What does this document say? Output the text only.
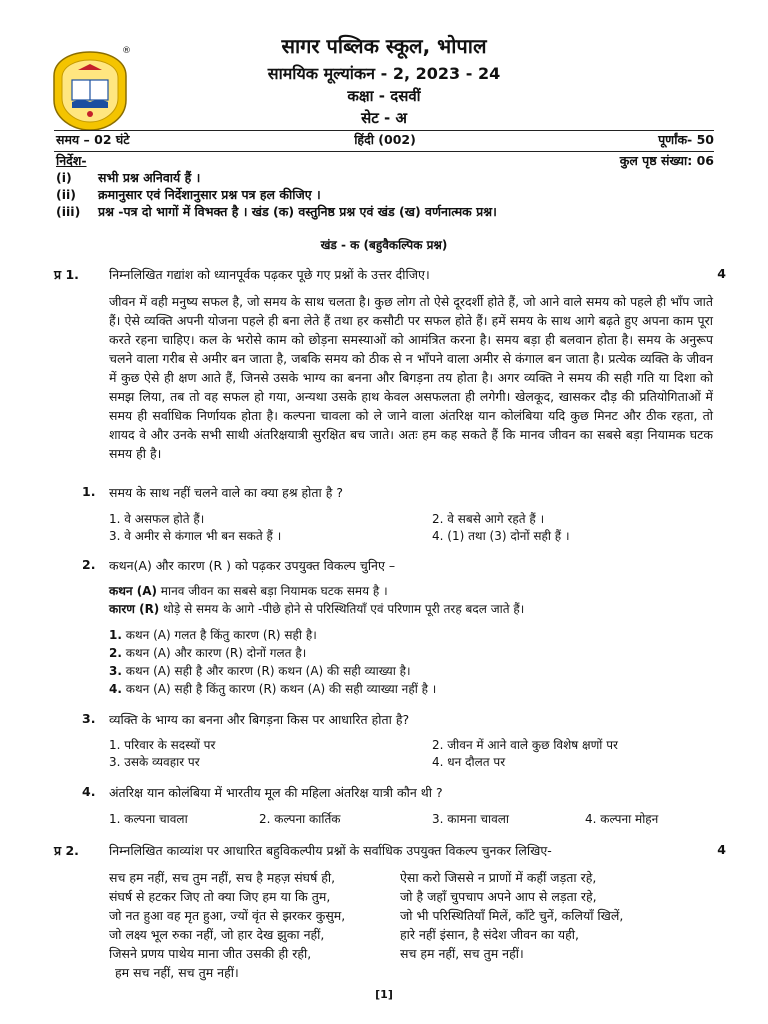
®	सागर पब्लिक स्कूल, भोपाल
सामयिक मूल्यांकन - 2, 2023 - 24
कक्षा - दसवीं
सेट - अ
समय – 02 घंटे	हिंदी (002)	पूर्णांक- 50
निर्देश-	कुल पृष्ठ संख्या: 06
(i) सभी प्रश्न अनिवार्य हैं ।
(ii) क्रमानुसार एवं निर्देशानुसार प्रश्न पत्र हल कीजिए ।
(iii) प्रश्न -पत्र दो भागों में विभक्त है । खंड (क) वस्तुनिष्ठ प्रश्न एवं खंड (ख) वर्णनात्मक प्रश्न।
खंड - क (बहुवैकल्पिक प्रश्न)
प्र 1. निम्नलिखित गद्यांश को ध्यानपूर्वक पढ़कर पूछे गए प्रश्नों के उत्तर दीजिए।	4

जीवन में वही मनुष्य सफल है, जो समय के साथ चलता है। कुछ लोग तो ऐसे दूरदर्शी होते हैं, जो आने वाले समय को पहले ही भाँप जाते हैं। ऐसे व्यक्ति अपनी योजना पहले ही बना लेते हैं तथा हर कसौटी पर सफल होते हैं। हमें समय के साथ आगे बढ़ते हुए अपना काम पूरा करते रहना चाहिए। कल के भरोसे काम को छोड़ना समस्याओं को आमंत्रित करना है। समय बड़ा ही बलवान होता है। समय के अनुरूप चलने वाला गरीब से अमीर बन जाता है, जबकि समय को ठीक से न भाँपने वाला अमीर से कंगाल बन जाता है। प्रत्येक व्यक्ति के जीवन में कुछ ऐसे ही क्षण आते हैं, जिनसे उसके भाग्य का बनना और बिगड़ना तय होता है। अगर व्यक्ति ने समय की सही गति या दिशा को समझ लिया, तब तो वह सफल हो गया, अन्यथा उसके हाथ केवल असफलता ही लगेगी। खेलकूद, खासकर दौड़ की प्रतियोगिताओं में समय ही सर्वाधिक निर्णायक होता है। कल्पना चावला को ले जाने वाला अंतरिक्ष यान कोलंबिया यदि कुछ मिनट और ठीक रहता, तो शायद वे और उनके सभी साथी अंतरिक्षयात्री सुरक्षित बच जाते। अतः हम कह सकते हैं कि मानव जीवन का सबसे बड़ा नियामक घटक समय ही है।

1. समय के साथ नहीं चलने वाले का क्या हश्र होता है ?
1. वे असफल होते हैं।	2. वे सबसे आगे रहते हैं ।
3. वे अमीर से कंगाल भी बन सकते हैं ।	4. (1) तथा (3) दोनों सही हैं ।
2. कथन(A) और कारण (R ) को पढ़कर उपयुक्त विकल्प चुनिए –
कथन (A) मानव जीवन का सबसे बड़ा नियामक घटक समय है ।
कारण (R) थोड़े से समय के आगे -पीछे होने से परिस्थितियाँ एवं परिणाम पूरी तरह बदल जाते हैं।
1. कथन (A) गलत है किंतु कारण (R) सही है।
2. कथन (A) और कारण (R) दोनों गलत है।
3. कथन (A) सही है और कारण (R) कथन (A) की सही व्याख्या है।
4. कथन (A) सही है किंतु कारण (R) कथन (A) की सही व्याख्या नहीं है ।
3. व्यक्ति के भाग्य का बनना और बिगड़ना किस पर आधारित होता है?
1. परिवार के सदस्यों पर	2. जीवन में आने वाले कुछ विशेष क्षणों पर
3. उसके व्यवहार पर	4. धन दौलत पर
4. अंतरिक्ष यान कोलंबिया में भारतीय मूल की महिला अंतरिक्ष यात्री कौन थी ?
1. कल्पना चावला	2. कल्पना कार्तिक	3. कामना चावला	4. कल्पना मोहन
प्र 2. निम्नलिखित काव्यांश पर आधारित बहुविकल्पीय प्रश्नों के सर्वाधिक उपयुक्त विकल्प चुनकर लिखिए-	4
सच हम नहीं, सच तुम नहीं, सच है महज़ संघर्ष ही,
संघर्ष से हटकर जिए तो क्या जिए हम या कि तुम,
जो नत हुआ वह मृत हुआ, ज्यों वृंत से झरकर कुसुम,
जो लक्ष्य भूल रुका नहीं, जो हार देख झुका नहीं,
जिसने प्रणय पाथेय माना जीत उसकी ही रही,
हम सच नहीं, सच तुम नहीं।
ऐसा करो जिससे न प्राणों में कहीं जड़ता रहे,
जो है जहाँ चुपचाप अपने आप से लड़ता रहे,
जो भी परिस्थितियाँ मिलें, काँटे चुनें, कलियाँ खिलें,
हारे नहीं इंसान, है संदेश जीवन का यही,
सच हम नहीं, सच तुम नहीं।
[1]
